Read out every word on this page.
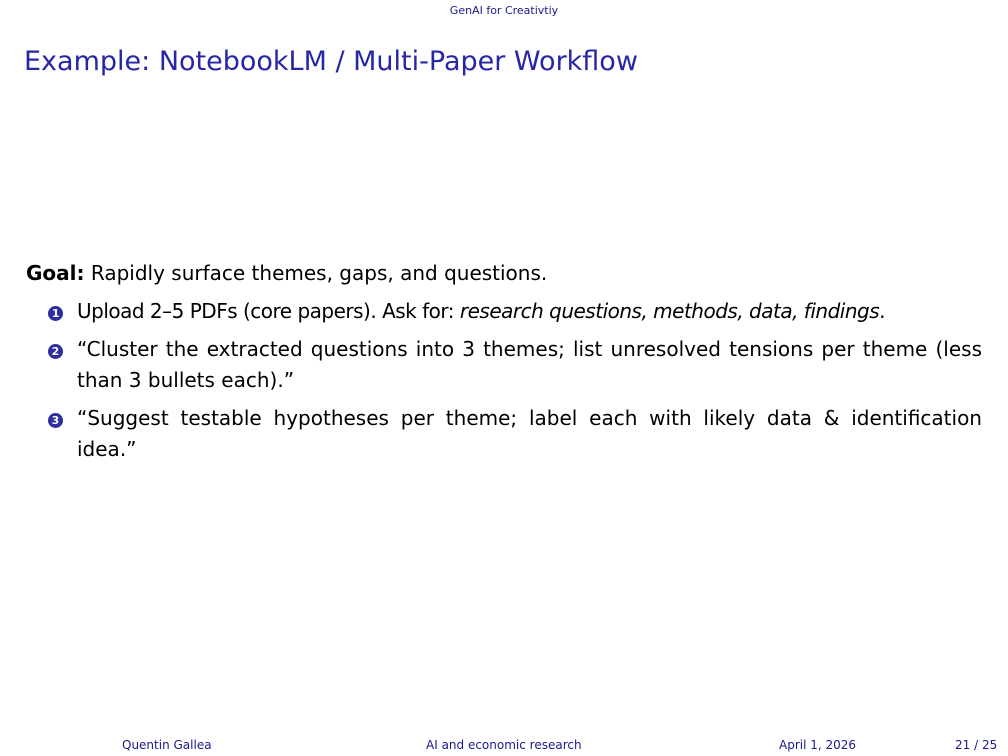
GenAI for Creativtiy
Example: NotebookLM / Multi-Paper Workflow
Goal: Rapidly surface themes, gaps, and questions.
1 Upload 2–5 PDFs (core papers). Ask for: research questions, methods, data, findings.
2 “Cluster the extracted questions into 3 themes; list unresolved tensions per theme (less than 3 bullets each).”
3 “Suggest testable hypotheses per theme; label each with likely data & identification idea.”
Quentin Gallea	AI and economic research	April 1, 2026	21 / 25
